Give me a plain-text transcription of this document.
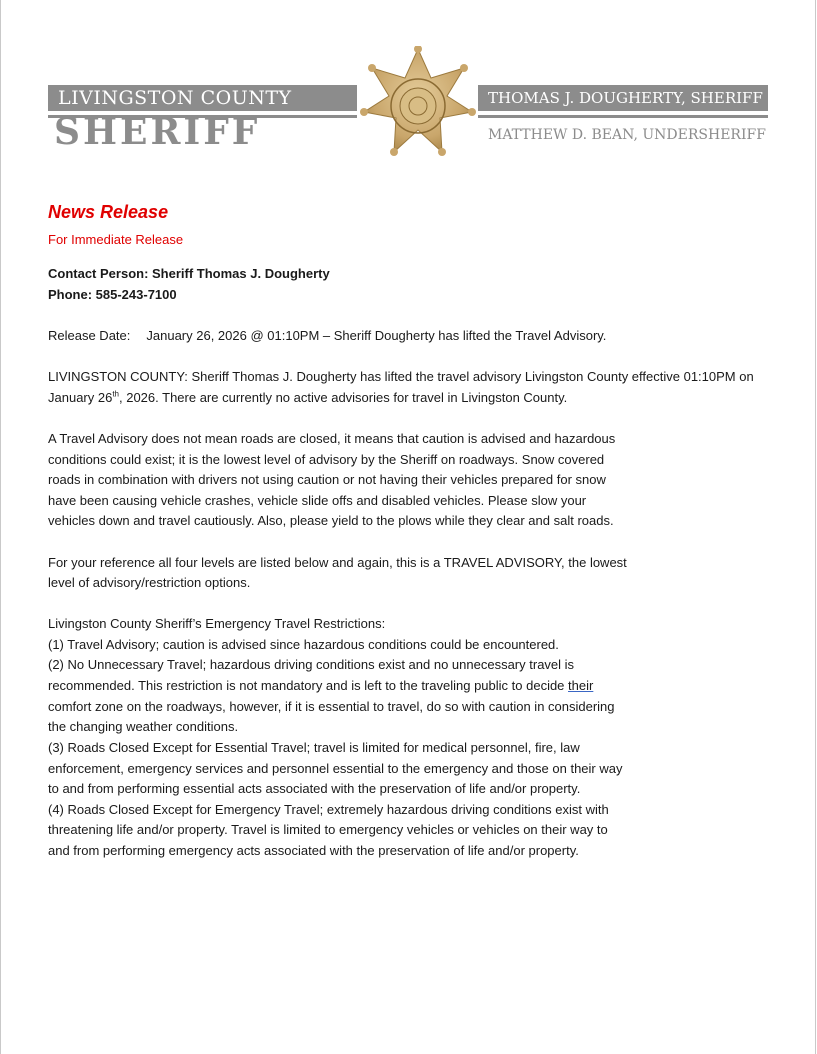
LIVINGSTON COUNTY
SHERIFF
THOMAS J. DOUGHERTY, SHERIFF
MATTHEW D. BEAN, UNDERSHERIFF
News Release
For Immediate Release
Contact Person: Sheriff Thomas J. Dougherty
Phone: 585-243-7100
Release Date: January 26, 2026 @ 01:10PM – Sheriff Dougherty has lifted the Travel Advisory.
LIVINGSTON COUNTY: Sheriff Thomas J. Dougherty has lifted the travel advisory Livingston County effective 01:10PM on
January 26th, 2026. There are currently no active advisories for travel in Livingston County.
A Travel Advisory does not mean roads are closed, it means that caution is advised and hazardous
conditions could exist; it is the lowest level of advisory by the Sheriff on roadways. Snow covered
roads in combination with drivers not using caution or not having their vehicles prepared for snow
have been causing vehicle crashes, vehicle slide offs and disabled vehicles. Please slow your
vehicles down and travel cautiously. Also, please yield to the plows while they clear and salt roads.
For your reference all four levels are listed below and again, this is a TRAVEL ADVISORY, the lowest
level of advisory/restriction options.
Livingston County Sheriff’s Emergency Travel Restrictions:
(1) Travel Advisory; caution is advised since hazardous conditions could be encountered.
(2) No Unnecessary Travel; hazardous driving conditions exist and no unnecessary travel is
recommended. This restriction is not mandatory and is left to the traveling public to decide their
comfort zone on the roadways, however, if it is essential to travel, do so with caution in considering
the changing weather conditions.
(3) Roads Closed Except for Essential Travel; travel is limited for medical personnel, fire, law
enforcement, emergency services and personnel essential to the emergency and those on their way
to and from performing essential acts associated with the preservation of life and/or property.
(4) Roads Closed Except for Emergency Travel; extremely hazardous driving conditions exist with
threatening life and/or property. Travel is limited to emergency vehicles or vehicles on their way to
and from performing emergency acts associated with the preservation of life and/or property.
